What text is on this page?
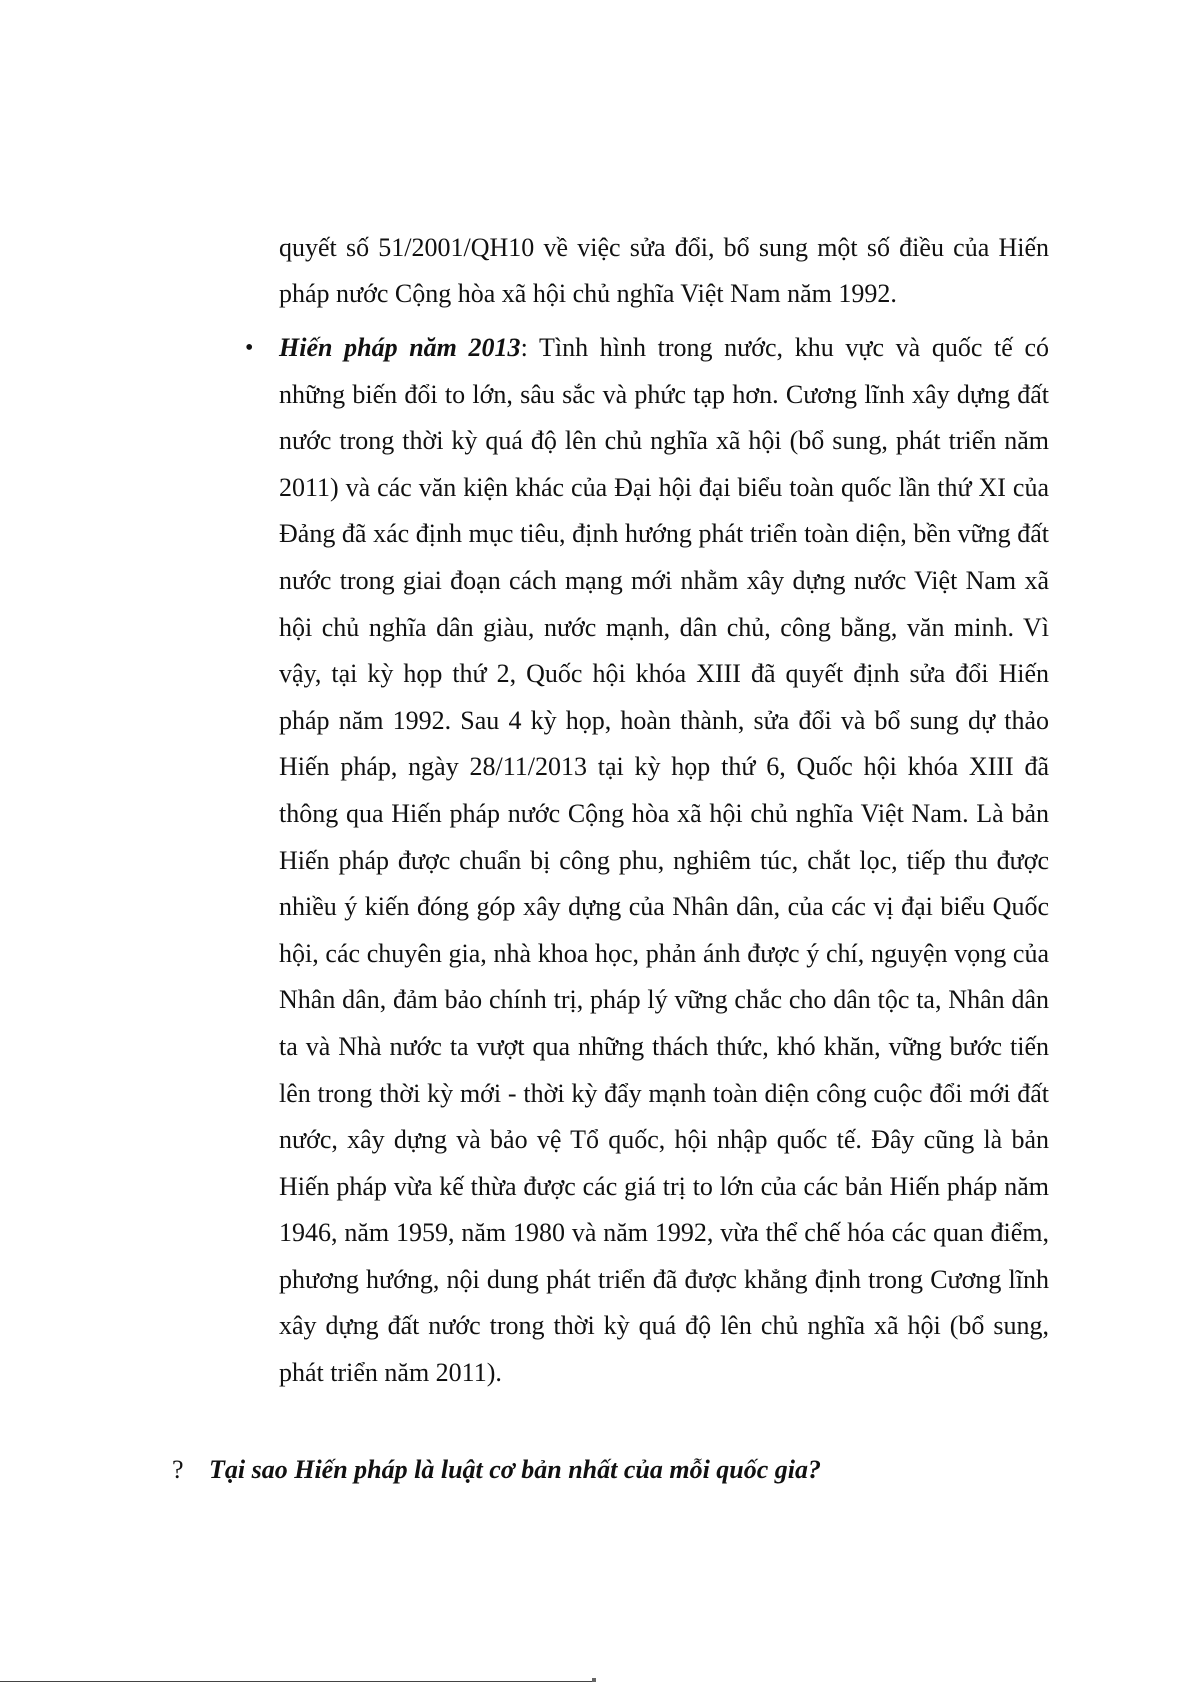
quyết số 51/2001/QH10 về việc sửa đổi, bổ sung một số điều của Hiến pháp nước Cộng hòa xã hội chủ nghĩa Việt Nam năm 1992.

• Hiến pháp năm 2013: Tình hình trong nước, khu vực và quốc tế có những biến đổi to lớn, sâu sắc và phức tạp hơn. Cương lĩnh xây dựng đất nước trong thời kỳ quá độ lên chủ nghĩa xã hội (bổ sung, phát triển năm 2011) và các văn kiện khác của Đại hội đại biểu toàn quốc lần thứ XI của Đảng đã xác định mục tiêu, định hướng phát triển toàn diện, bền vững đất nước trong giai đoạn cách mạng mới nhằm xây dựng nước Việt Nam xã hội chủ nghĩa dân giàu, nước mạnh, dân chủ, công bằng, văn minh. Vì vậy, tại kỳ họp thứ 2, Quốc hội khóa XIII đã quyết định sửa đổi Hiến pháp năm 1992. Sau 4 kỳ họp, hoàn thành, sửa đổi và bổ sung dự thảo Hiến pháp, ngày 28/11/2013 tại kỳ họp thứ 6, Quốc hội khóa XIII đã thông qua Hiến pháp nước Cộng hòa xã hội chủ nghĩa Việt Nam. Là bản Hiến pháp được chuẩn bị công phu, nghiêm túc, chắt lọc, tiếp thu được nhiều ý kiến đóng góp xây dựng của Nhân dân, của các vị đại biểu Quốc hội, các chuyên gia, nhà khoa học, phản ánh được ý chí, nguyện vọng của Nhân dân, đảm bảo chính trị, pháp lý vững chắc cho dân tộc ta, Nhân dân ta và Nhà nước ta vượt qua những thách thức, khó khăn, vững bước tiến lên trong thời kỳ mới - thời kỳ đẩy mạnh toàn diện công cuộc đổi mới đất nước, xây dựng và bảo vệ Tổ quốc, hội nhập quốc tế. Đây cũng là bản Hiến pháp vừa kế thừa được các giá trị to lớn của các bản Hiến pháp năm 1946, năm 1959, năm 1980 và năm 1992, vừa thể chế hóa các quan điểm, phương hướng, nội dung phát triển đã được khẳng định trong Cương lĩnh xây dựng đất nước trong thời kỳ quá độ lên chủ nghĩa xã hội (bổ sung, phát triển năm 2011).

? Tại sao Hiến pháp là luật cơ bản nhất của mỗi quốc gia?
